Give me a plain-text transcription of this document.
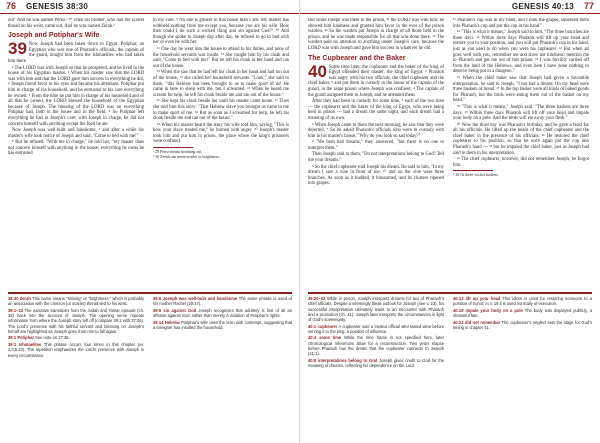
76 GENESIS 38:30

out" And he was named Perez.ᵃ ³⁰ Then his brother, who had the scarlet thread on his wrist, came out. And he was named Zerah.ᵇ

Joseph and Potiphar's Wife

39 Now Joseph had been taken down to Egypt. Potiphar, an Egyptian who was one of Pharaoh's officials, the captain of the guard, bought him from the Ishmaelites who had taken him there.

² The LORD was with Joseph so that he prospered, and he lived in the house of his Egyptian master. ³ When his master saw that the LORD was with him and that the LORD gave him success in everything he did, ⁴ Joseph found favor in his eyes and became his attendant. Potiphar put him in charge of his household, and he entrusted to his care everything he owned. ⁵ From the time he put him in charge of his household and of all that he owned, the LORD blessed the household of the Egyptian because of Joseph. The blessing of the LORD was on everything Potiphar had, both in the house and in the field. ⁶ So Potiphar left everything he had in Joseph's care; with Joseph in charge, he did not concern himself with anything except the food he ate.

Now Joseph was well-built and handsome, ⁷ and after a while his master's wife took notice of Joseph and said, "Come to bed with me!"

⁸ But he refused. "With me in charge," he told her, "my master does not concern himself with anything in the house; everything he owns he has entrusted

to my care. ⁹ No one is greater in this house than I am. My master has withheld nothing from me except you, because you are his wife. How then could I do such a wicked thing and sin against God?" ¹⁰ And though she spoke to Joseph day after day, he refused to go to bed with her or even be with her.

¹¹ One day he went into the house to attend to his duties, and none of the household servants was inside. ¹² She caught him by his cloak and said, "Come to bed with me!" But he left his cloak in her hand and ran out of the house.

¹³ When she saw that he had left his cloak in her hand and had run out of the house, ¹⁴ she called her household servants. "Look," she said to them, "this Hebrew has been brought to us to make sport of us! He came in here to sleep with me, but I screamed. ¹⁵ When he heard me scream for help, he left his cloak beside me and ran out of the house."

¹⁶ She kept his cloak beside her until his master came home. ¹⁷ Then she told him this story: "That Hebrew slave you brought us came to me to make sport of me. ¹⁸ But as soon as I screamed for help, he left his cloak beside me and ran out of the house."

¹⁹ When his master heard the story his wife told him, saying, "This is how your slave treated me," he burned with anger. ²⁰ Joseph's master took him and put him in prison, the place where the king's prisoners were confined.

ᵃ 29 Perez means breaking out.
ᵇ 30 Zerah can mean scarlet or brightness.

38:30 Zerah This name means "shining" or "brightness," which is probably an association with the crimson (or scarlet) thread tied to his wrist.

39:1–23 The narrative transitions from the Judah and Tamar episode (ch. 38) back into the account of Joseph. The opening verse repeats information from where the Joseph story left off (compare 39:1 with 37:36). The Lord's presence with his faithful servant and blessing on Joseph's behalf are highlighted as Joseph goes from rise to fall again.

39:1 Potiphar See note on 37:36.

39:1 Ishmaelites This phrase occurs four times in this chapter (vv. 2,3,5,23). The repetition emphasizes the Lord's presence with Joseph in every circumstance.

39:6 Joseph was well-built and handsome The same phrase is used of his mother Rachel (29:17).

39:9 sin against God Joseph recognizes that adultery is first of all an offense against God, rather than merely a violation of Potiphar's rights.

39:14 Hebrew Potiphar's wife uses the term with contempt, suggesting that a foreigner has insulted the household.

GENESIS 40:13 77

But while Joseph was there in the prison, ²¹ the LORD was with him; he showed him kindness and granted him favor in the eyes of the prison warden. ²² So the warden put Joseph in charge of all those held in the prison, and he was made responsible for all that was done there. ²³ The warden paid no attention to anything under Joseph's care, because the LORD was with Joseph and gave him success in whatever he did.

The Cupbearer and the Baker

40 Some time later, the cupbearer and the baker of the king of Egypt offended their master, the king of Egypt. ² Pharaoh was angry with his two officials, the chief cupbearer and the chief baker, ³ and put them in custody in the house of the captain of the guard, in the same prison where Joseph was confined. ⁴ The captain of the guard assigned them to Joseph, and he attended them.

After they had been in custody for some time, ⁵ each of the two men — the cupbearer and the baker of the king of Egypt, who were being held in prison — had a dream the same night, and each dream had a meaning of its own.

⁶ When Joseph came to them the next morning, he saw that they were dejected. ⁷ So he asked Pharaoh's officials who were in custody with him in his master's house, "Why do you look so sad today?"

⁸ "We both had dreams," they answered, "but there is no one to interpret them."

Then Joseph said to them, "Do not interpretations belong to God? Tell me your dreams."

⁹ So the chief cupbearer told Joseph his dream. He said to him, "In my dream I saw a vine in front of me, ¹⁰ and on the vine were three branches. As soon as it budded, it blossomed, and its clusters ripened into grapes.

¹¹ Pharaoh's cup was in my hand, and I took the grapes, squeezed them into Pharaoh's cup and put the cup in his hand."

¹² "This is what it means," Joseph said to him. "The three branches are three days. ¹³ Within three days Pharaoh will lift up your head and restore you to your position, and you will put Pharaoh's cup in his hand, just as you used to do when you were his cupbearer. ¹⁴ But when all goes well with you, remember me and show me kindness; mention me to Pharaoh and get me out of this prison. ¹⁵ I was forcibly carried off from the land of the Hebrews, and even here I have done nothing to deserve being put in a dungeon."

¹⁶ When the chief baker saw that Joseph had given a favorable interpretation, he said to Joseph, "I too had a dream: On my head were three baskets of bread. ¹⁷ In the top basket were all kinds of baked goods for Pharaoh, but the birds were eating them out of the basket on my head."

¹⁸ "This is what it means," Joseph said. "The three baskets are three days. ¹⁹ Within three days Pharaoh will lift off your head and impale your body on a pole. And the birds will eat away your flesh."

²⁰ Now the third day was Pharaoh's birthday, and he gave a feast for all his officials. He lifted up the heads of the chief cupbearer and the chief baker in the presence of his officials: ²¹ He restored the chief cupbearer to his position, so that he once again put the cup into Pharaoh's hand — ²² but he impaled the chief baker, just as Joseph had said to them in his interpretation.

²³ The chief cupbearer, however, did not remember Joseph; he forgot him.

ᵃ 16 Or three wicker baskets

39:20–23 While in prison, Joseph interprets dreams for two of Pharaoh's chief officials. Despite a seemingly bleak outlook for Joseph (see v. 23), his successful interpretation ultimately leads to an encounter with Pharaoh and a promotion (ch. 41). Joseph later interprets the circumstances in light of God's sovereignty.

40:1 cupbearer A cupbearer was a trusted official who tasted wine before serving it to the king, a position of influence.

40:4 some time While the time frame is not specified here, later chronological references allow for a reconstruction. Two years elapse before Pharaoh has the dream that the cupbearer connects to Joseph (41:1).

40:8 interpretations belong to God Joseph gives credit to God for the meaning of dreams, reflecting his dependence on the Lord.

40:13 lift up your head This idiom is used for restoring someone to a position of honor; in v. 19 it is used ironically of execution.

40:19 impale your body on a pole The body was displayed publicly, a shameful fate.

40:23 did not remember The cupbearer's neglect sets the stage for God's timing in chapter 41.
